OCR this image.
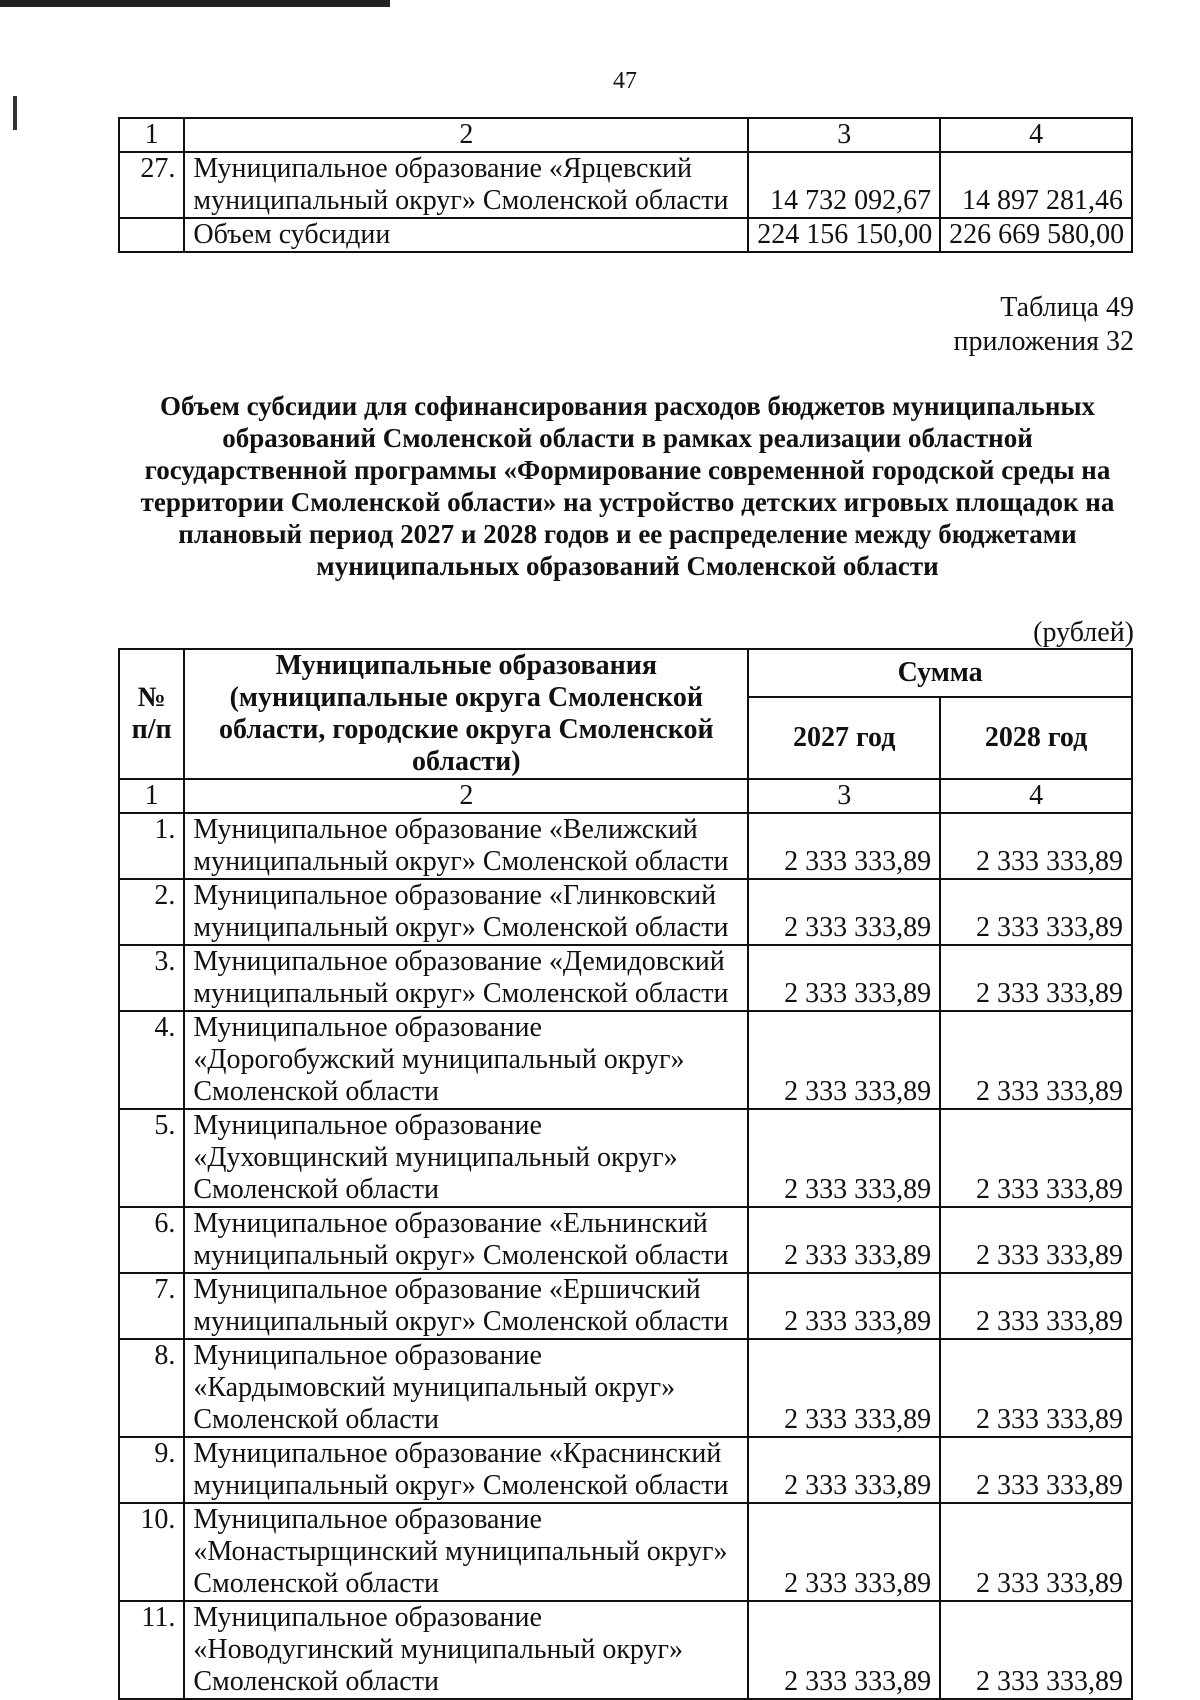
47
1	2	3	4
27.	Муниципальное образование «Ярцевский муниципальный округ» Смоленской области	14 732 092,67	14 897 281,46
	Объем субсидии	224 156 150,00	226 669 580,00
Таблица 49
приложения 32
Объем субсидии для софинансирования расходов бюджетов муниципальных образований Смоленской области в рамках реализации областной государственной программы «Формирование современной городской среды на территории Смоленской области» на устройство детских игровых площадок на плановый период 2027 и 2028 годов и ее распределение между бюджетами муниципальных образований Смоленской области
(рублей)
№ п/п	Муниципальные образования (муниципальные округа Смоленской области, городские округа Смоленской области)	Сумма	
		2027 год	2028 год
1	2	3	4
1.	Муниципальное образование «Велижский муниципальный округ» Смоленской области	2 333 333,89	2 333 333,89
2.	Муниципальное образование «Глинковский муниципальный округ» Смоленской области	2 333 333,89	2 333 333,89
3.	Муниципальное образование «Демидовский муниципальный округ» Смоленской области	2 333 333,89	2 333 333,89
4.	Муниципальное образование «Дорогобужский муниципальный округ» Смоленской области	2 333 333,89	2 333 333,89
5.	Муниципальное образование «Духовщинский муниципальный округ» Смоленской области	2 333 333,89	2 333 333,89
6.	Муниципальное образование «Ельнинский муниципальный округ» Смоленской области	2 333 333,89	2 333 333,89
7.	Муниципальное образование «Ершичский муниципальный округ» Смоленской области	2 333 333,89	2 333 333,89
8.	Муниципальное образование «Кардымовский муниципальный округ» Смоленской области	2 333 333,89	2 333 333,89
9.	Муниципальное образование «Краснинский муниципальный округ» Смоленской области	2 333 333,89	2 333 333,89
10.	Муниципальное образование «Монастырщинский муниципальный округ» Смоленской области	2 333 333,89	2 333 333,89
11.	Муниципальное образование «Новодугинский муниципальный округ» Смоленской области	2 333 333,89	2 333 333,89
